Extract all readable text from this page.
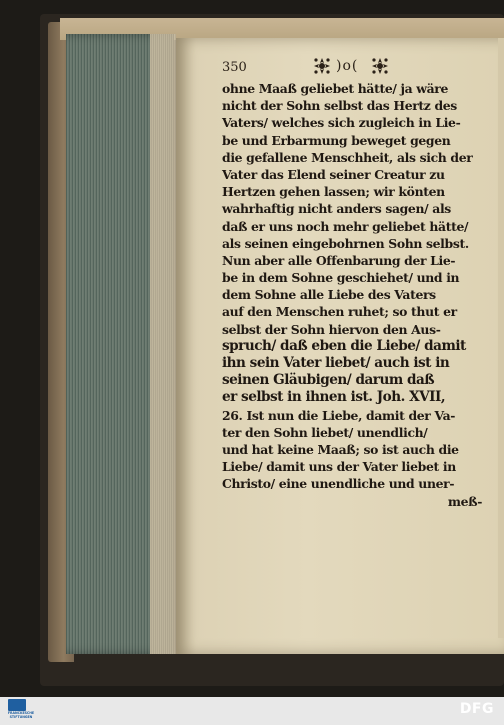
350	)o(
ohne Maaß geliebet hätte/ ja wäre
nicht der Sohn selbst das Hertz des
Vaters/ welches sich zugleich in Lie-
be und Erbarmung beweget gegen
die gefallene Menschheit, als sich der
Vater das Elend seiner Creatur zu
Hertzen gehen lassen; wir könten
wahrhaftig nicht anders sagen/ als
daß er uns noch mehr geliebet hätte/
als seinen eingebohrnen Sohn selbst.
Nun aber alle Offenbarung der Lie-
be in dem Sohne geschiehet/ und in
dem Sohne alle Liebe des Vaters
auf den Menschen ruhet; so thut er
selbst der Sohn hiervon den Aus-
spruch/ daß eben die Liebe/ damit
ihn sein Vater liebet/ auch ist in
seinen Gläubigen/ darum daß
er selbst in ihnen ist. Joh. XVII,
26. Ist nun die Liebe, damit der Va-
ter den Sohn liebet/ unendlich/
und hat keine Maaß; so ist auch die
Liebe/ damit uns der Vater liebet in
Christo/ eine unendliche und uner-
meß-
FRANCKESCHE STIFTUNGEN	DFG
